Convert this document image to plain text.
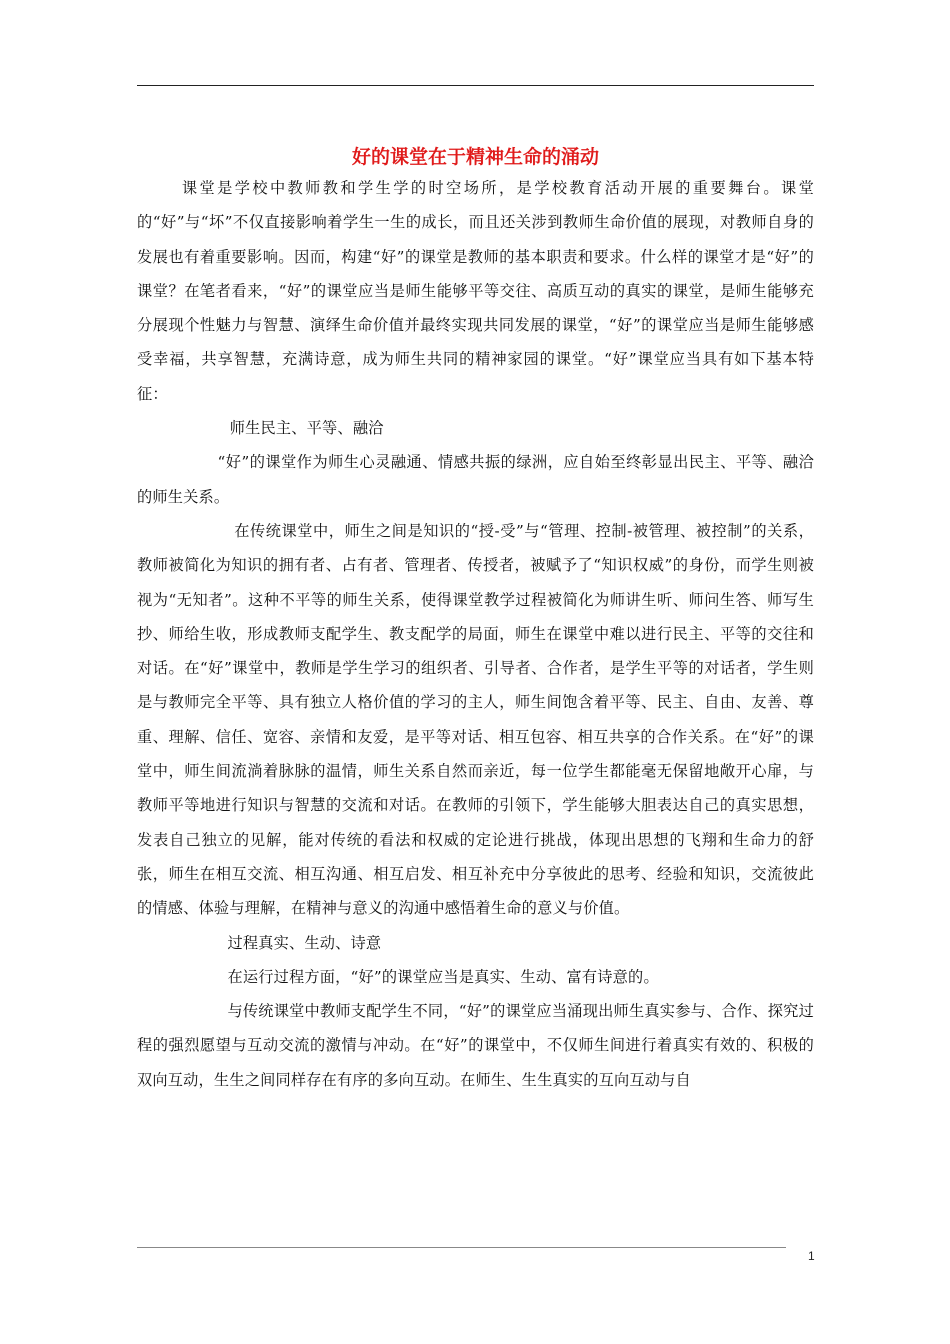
好的课堂在于精神生命的涌动

课堂是学校中教师教和学生学的时空场所，是学校教育活动开展的重要舞台。课堂的“好”与“坏”不仅直接影响着学生一生的成长，而且还关涉到教师生命价值的展现，对教师自身的发展也有着重要影响。因而，构建“好”的课堂是教师的基本职责和要求。什么样的课堂才是“好”的课堂？在笔者看来，“好”的课堂应当是师生能够平等交往、高质互动的真实的课堂，是师生能够充分展现个性魅力与智慧、演绎生命价值并最终实现共同发展的课堂，“好”的课堂应当是师生能够感受幸福，共享智慧，充满诗意，成为师生共同的精神家园的课堂。“好”课堂应当具有如下基本特征：

师生民主、平等、融洽

“好”的课堂作为师生心灵融通、情感共振的绿洲，应自始至终彰显出民主、平等、融洽的师生关系。

在传统课堂中，师生之间是知识的“授-受”与“管理、控制-被管理、被控制”的关系，教师被简化为知识的拥有者、占有者、管理者、传授者，被赋予了“知识权威”的身份，而学生则被视为“无知者”。这种不平等的师生关系，使得课堂教学过程被简化为师讲生听、师问生答、师写生抄、师给生收，形成教师支配学生、教支配学的局面，师生在课堂中难以进行民主、平等的交往和对话。在“好”课堂中，教师是学生学习的组织者、引导者、合作者，是学生平等的对话者，学生则是与教师完全平等、具有独立人格价值的学习的主人，师生间饱含着平等、民主、自由、友善、尊重、理解、信任、宽容、亲情和友爱，是平等对话、相互包容、相互共享的合作关系。在“好”的课堂中，师生间流淌着脉脉的温情，师生关系自然而亲近，每一位学生都能毫无保留地敞开心扉，与教师平等地进行知识与智慧的交流和对话。在教师的引领下，学生能够大胆表达自己的真实思想，发表自己独立的见解，能对传统的看法和权威的定论进行挑战，体现出思想的飞翔和生命力的舒张，师生在相互交流、相互沟通、相互启发、相互补充中分享彼此的思考、经验和知识，交流彼此的情感、体验与理解，在精神与意义的沟通中感悟着生命的意义与价值。

过程真实、生动、诗意

在运行过程方面，“好”的课堂应当是真实、生动、富有诗意的。

与传统课堂中教师支配学生不同，“好”的课堂应当涌现出师生真实参与、合作、探究过程的强烈愿望与互动交流的激情与冲动。在“好”的课堂中，不仅师生间进行着真实有效的、积极的双向互动，生生之间同样存在有序的多向互动。在师生、生生真实的互向互动与自

1
